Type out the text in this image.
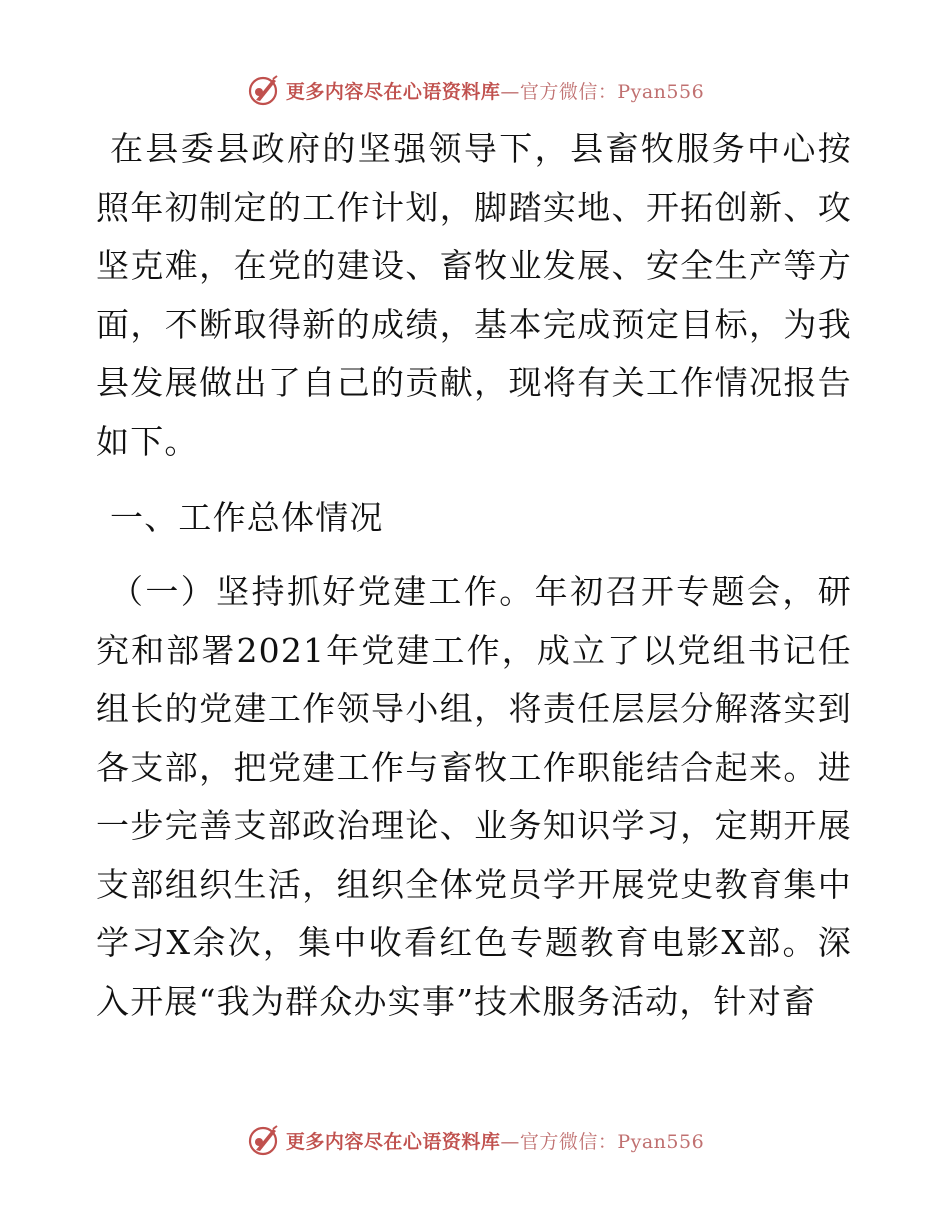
更多内容尽在心语资料库—官方微信：Pyan556

在县委县政府的坚强领导下，县畜牧服务中心按照年初制定的工作计划，脚踏实地、开拓创新、攻坚克难，在党的建设、畜牧业发展、安全生产等方面，不断取得新的成绩，基本完成预定目标，为我县发展做出了自己的贡献，现将有关工作情况报告如下。

一、工作总体情况

（一）坚持抓好党建工作。年初召开专题会，研究和部署2021年党建工作，成立了以党组书记任组长的党建工作领导小组，将责任层层分解落实到各支部，把党建工作与畜牧工作职能结合起来。进一步完善支部政治理论、业务知识学习，定期开展支部组织生活，组织全体党员学开展党史教育集中学习X余次，集中收看红色专题教育电影X部。深入开展“我为群众办实事”技术服务活动，针对畜

更多内容尽在心语资料库—官方微信：Pyan556
